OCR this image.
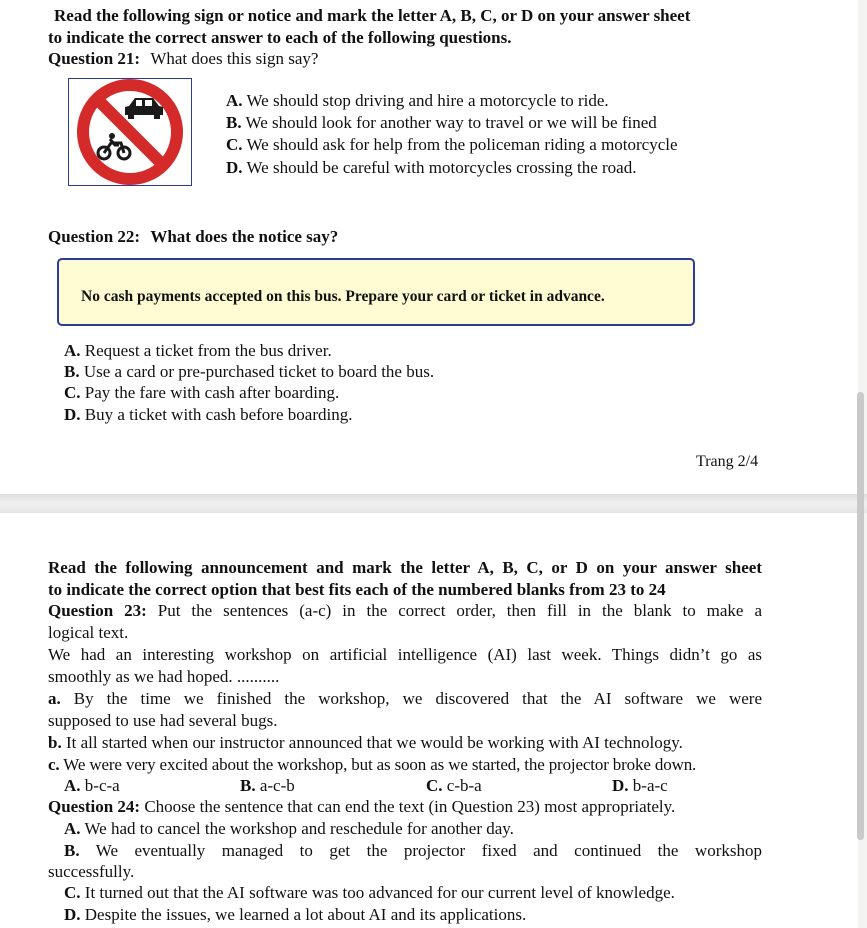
Read the following sign or notice and mark the letter A, B, C, or D on your answer sheet
to indicate the correct answer to each of the following questions.
Question 21: What does this sign say?
A. We should stop driving and hire a motorcycle to ride.
B. We should look for another way to travel or we will be fined
C. We should ask for help from the policeman riding a motorcycle
D. We should be careful with motorcycles crossing the road.
Question 22: What does the notice say?
No cash payments accepted on this bus. Prepare your card or ticket in advance.
A. Request a ticket from the bus driver.
B. Use a card or pre-purchased ticket to board the bus.
C. Pay the fare with cash after boarding.
D. Buy a ticket with cash before boarding.
Trang 2/4
Read the following announcement and mark the letter A, B, C, or D on your answer sheet
to indicate the correct option that best fits each of the numbered blanks from 23 to 24
Question 23: Put the sentences (a-c) in the correct order, then fill in the blank to make a
logical text.
We had an interesting workshop on artificial intelligence (AI) last week. Things didn’t go as
smoothly as we had hoped. ..........
a. By the time we finished the workshop, we discovered that the AI software we were
supposed to use had several bugs.
b. It all started when our instructor announced that we would be working with AI technology.
c. We were very excited about the workshop, but as soon as we started, the projector broke down.
A. b-c-a	B. a-c-b	C. c-b-a	D. b-a-c
Question 24: Choose the sentence that can end the text (in Question 23) most appropriately.
A. We had to cancel the workshop and reschedule for another day.
B. We eventually managed to get the projector fixed and continued the workshop
successfully.
C. It turned out that the AI software was too advanced for our current level of knowledge.
D. Despite the issues, we learned a lot about AI and its applications.
